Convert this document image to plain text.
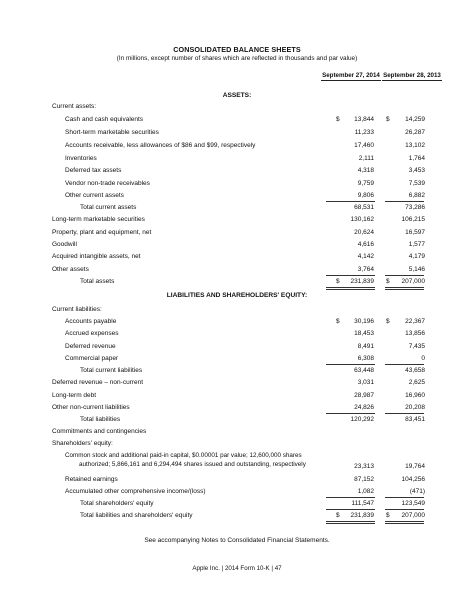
CONSOLIDATED BALANCE SHEETS
(In millions, except number of shares which are reflected in thousands and par value)
September 27, 2014 September 28, 2013
ASSETS:
Current assets:
Cash and cash equivalents	$ 13,844 $ 14,259
Short-term marketable securities	11,233	26,287
Accounts receivable, less allowances of $86 and $99, respectively	17,460	13,102
Inventories	2,111	1,764
Deferred tax assets	4,318	3,453
Vendor non-trade receivables	9,759	7,539
Other current assets	9,806	6,882
Total current assets	68,531	73,286
Long-term marketable securities	130,162	106,215
Property, plant and equipment, net	20,624	16,597
Goodwill	4,616	1,577
Acquired intangible assets, net	4,142	4,179
Other assets	3,764	5,146
Total assets	$ 231,839 $ 207,000
LIABILITIES AND SHAREHOLDERS' EQUITY:
Current liabilities:
Accounts payable	$ 30,196 $ 22,367
Accrued expenses	18,453	13,856
Deferred revenue	8,491	7,435
Commercial paper	6,308	0
Total current liabilities	63,448	43,658
Deferred revenue – non-current	3,031	2,625
Long-term debt	28,987	16,960
Other non-current liabilities	24,826	20,208
Total liabilities	120,292	83,451
Commitments and contingencies
Shareholders' equity:
Common stock and additional paid-in capital, $0.00001 par value; 12,600,000 shares
authorized; 5,866,161 and 6,294,494 shares issued and outstanding, respectively	23,313	19,764
Retained earnings	87,152	104,256
Accumulated other comprehensive income/(loss)	1,082	(471)
Total shareholders' equity	111,547	123,549
Total liabilities and shareholders' equity	$ 231,839 $ 207,000
See accompanying Notes to Consolidated Financial Statements.
Apple Inc. | 2014 Form 10-K | 47
